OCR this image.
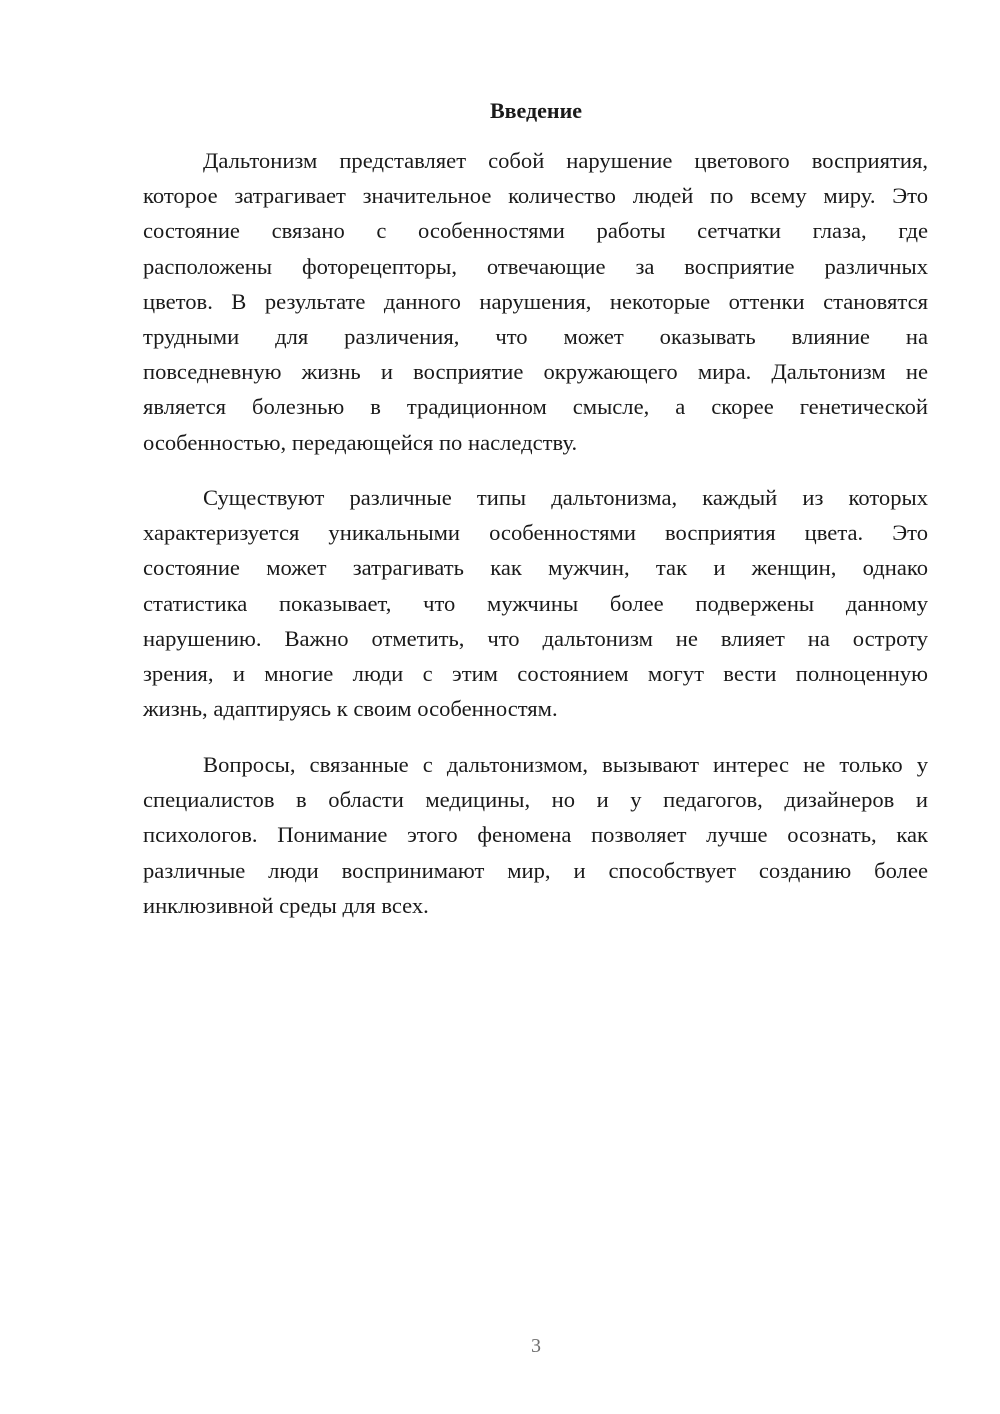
Введение
Дальтонизм представляет собой нарушение цветового восприятия,
которое затрагивает значительное количество людей по всему миру. Это
состояние связано с особенностями работы сетчатки глаза, где
расположены фоторецепторы, отвечающие за восприятие различных
цветов. В результате данного нарушения, некоторые оттенки становятся
трудными для различения, что может оказывать влияние на
повседневную жизнь и восприятие окружающего мира. Дальтонизм не
является болезнью в традиционном смысле, а скорее генетической
особенностью, передающейся по наследству.
Существуют различные типы дальтонизма, каждый из которых
характеризуется уникальными особенностями восприятия цвета. Это
состояние может затрагивать как мужчин, так и женщин, однако
статистика показывает, что мужчины более подвержены данному
нарушению. Важно отметить, что дальтонизм не влияет на остроту
зрения, и многие люди с этим состоянием могут вести полноценную
жизнь, адаптируясь к своим особенностям.
Вопросы, связанные с дальтонизмом, вызывают интерес не только у
специалистов в области медицины, но и у педагогов, дизайнеров и
психологов. Понимание этого феномена позволяет лучше осознать, как
различные люди воспринимают мир, и способствует созданию более
инклюзивной среды для всех.
3
